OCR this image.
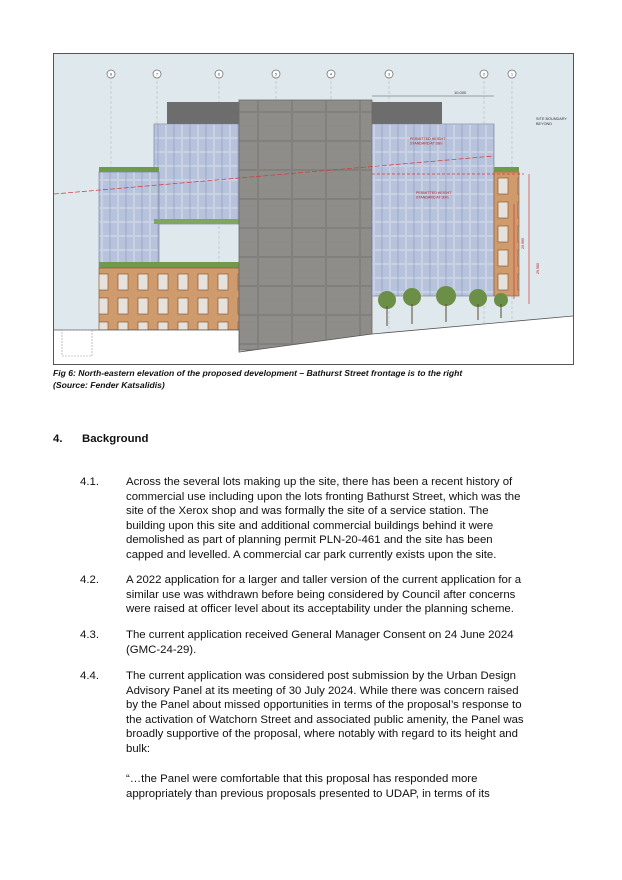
8	7	6	5	4	3	2	1
10.000
SITE BOUNDARY
BEYOND
PERMITTED HEIGHT
STANDARD AT 38m
PERMITTED HEIGHT
STANDARD AT 30m
20.990
29.580
Fig 6: North-eastern elevation of the proposed development – Bathurst Street frontage is to the right
(Source: Fender Katsalidis)
4. Background
4.1. Across the several lots making up the site, there has been a recent history of
commercial use including upon the lots fronting Bathurst Street, which was the
site of the Xerox shop and was formally the site of a service station. The
building upon this site and additional commercial buildings behind it were
demolished as part of planning permit PLN-20-461 and the site has been
capped and levelled. A commercial car park currently exists upon the site.
4.2. A 2022 application for a larger and taller version of the current application for a
similar use was withdrawn before being considered by Council after concerns
were raised at officer level about its acceptability under the planning scheme.
4.3. The current application received General Manager Consent on 24 June 2024
(GMC-24-29).
4.4. The current application was considered post submission by the Urban Design
Advisory Panel at its meeting of 30 July 2024. While there was concern raised
by the Panel about missed opportunities in terms of the proposal’s response to
the activation of Watchorn Street and associated public amenity, the Panel was
broadly supportive of the proposal, where notably with regard to its height and
bulk:
“…the Panel were comfortable that this proposal has responded more
appropriately than previous proposals presented to UDAP, in terms of its
